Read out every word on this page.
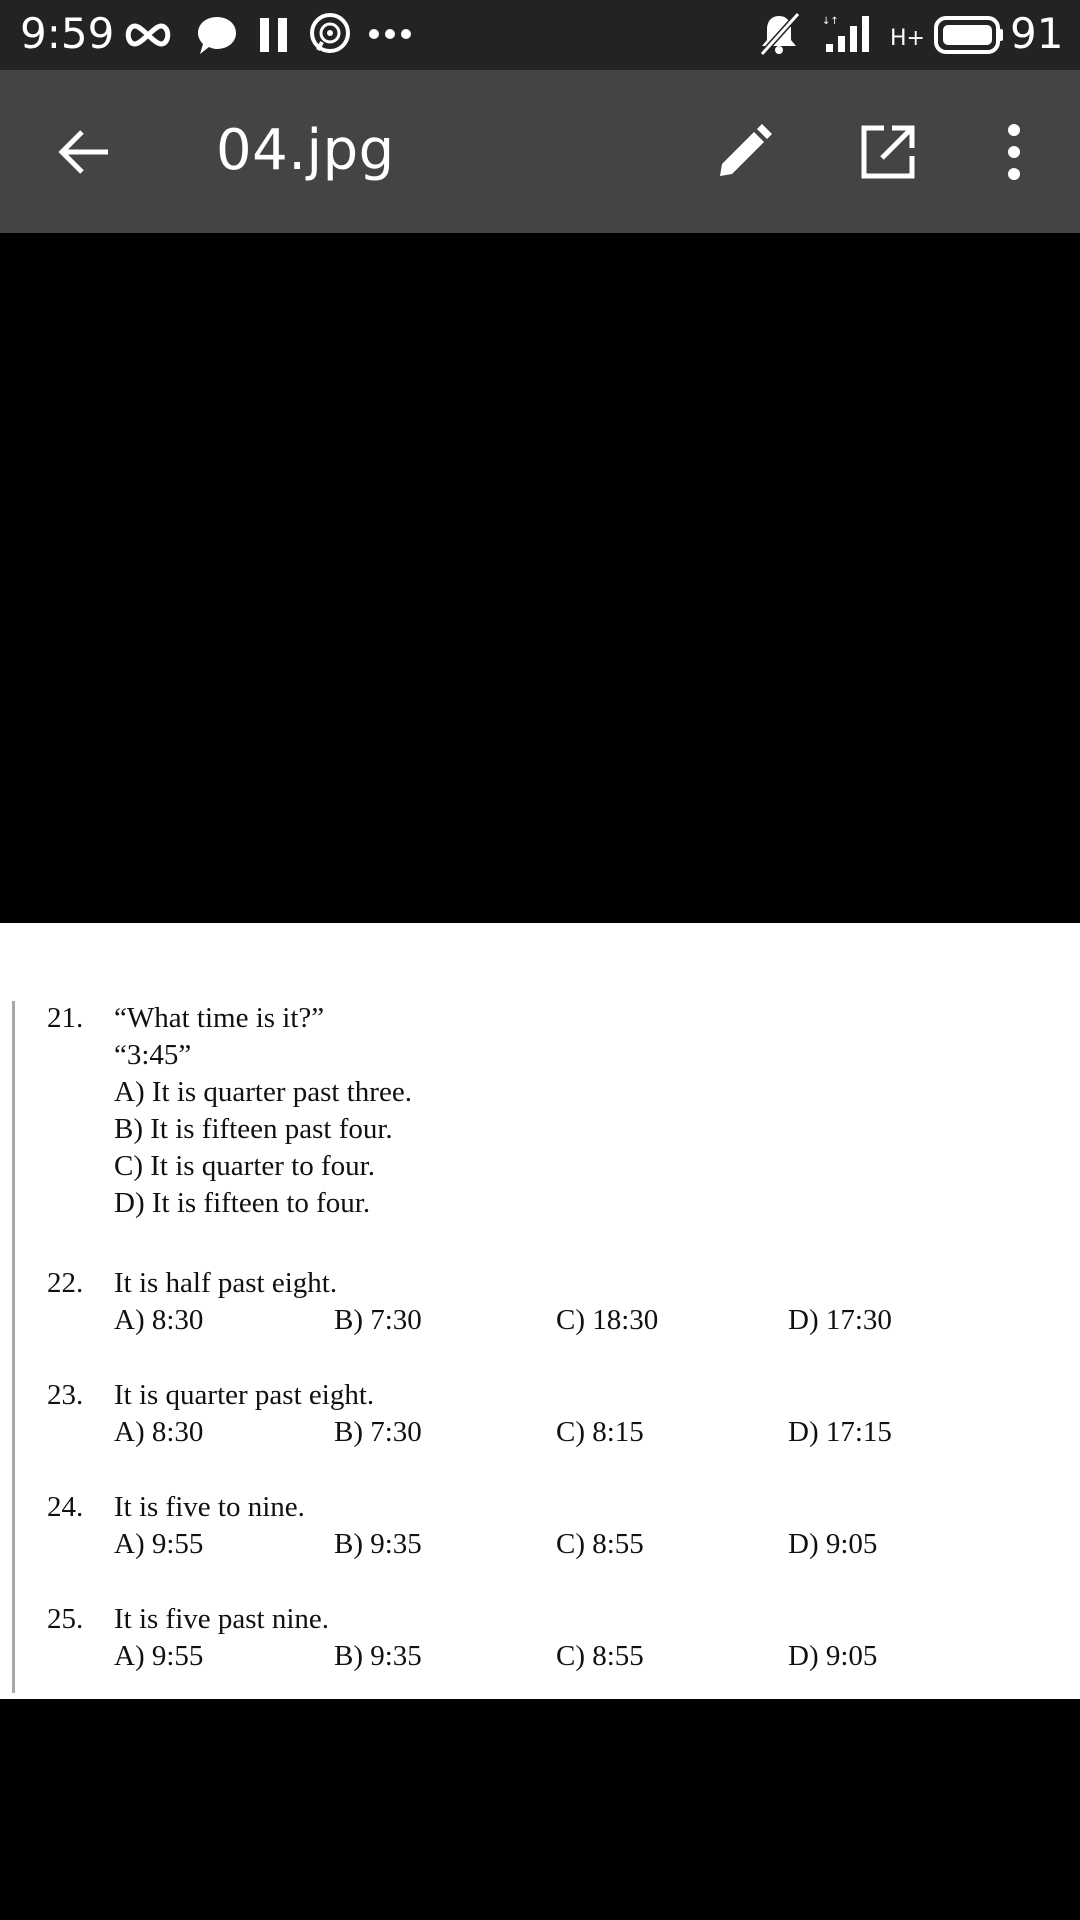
9:59	↓↑
H+ 91
04.jpg
21. “What time is it?”
“3:45”
A) It is quarter past three.
B) It is fifteen past four.
C) It is quarter to four.
D) It is fifteen to four.
22. It is half past eight.
A) 8:30	B) 7:30	C) 18:30	D) 17:30
23. It is quarter past eight.
A) 8:30	B) 7:30	C) 8:15	D) 17:15
24. It is five to nine.
A) 9:55	B) 9:35	C) 8:55	D) 9:05
25. It is five past nine.
A) 9:55	B) 9:35	C) 8:55	D) 9:05
